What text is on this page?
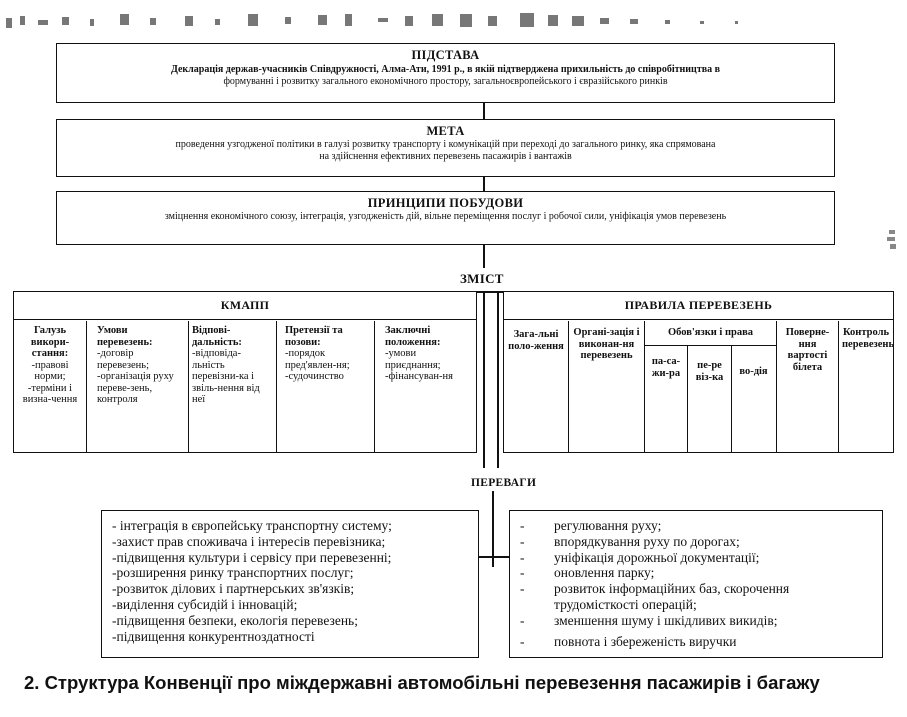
ПІДСТАВА
Декларація держав-учасників Співдружності, Алма-Ати, 1991 р., в якій підтверджена прихильність до співробітництва в
формуванні і розвитку загального економічного простору, загальноєвропейського і євразійського ринків
МЕТА
проведення узгодженої політики в галузі розвитку транспорту і комунікацій при переході до загального ринку, яка спрямована
на здійснення ефективних перевезень пасажирів і вантажів
ПРИНЦИПИ ПОБУДОВИ
зміцнення економічного союзу, інтеграція, узгодженість дій, вільне переміщення послуг і робочої сили, уніфікація умов перевезень
ЗМІСТ
КМАПП
Галузь викори-стання:
-правові норми; -терміни і визна-чення
Умови перевезень:
-договір перевезень; -організація руху переве-зень, контроля
Відпові-дальність:
-відповіда-льність перевізни-ка і звіль-нення від неї
Претензії та позови:
-порядок пред'явлен-ня; -судочинство
Заключні положення:
-умови приєднання; -фінансуван-ня
ПРАВИЛА ПЕРЕВЕЗЕНЬ
Зага-льні поло-ження
Органі-зація і виконан-ня перевезень
Обов'язки і права
па-са-жи-ра
пе-ре віз-ка	во-дія
Поверне-ння вартості білета
Контроль перевезень
ПЕРЕВАГИ
- інтеграція в європейську транспортну систему;
-захист прав споживача і інтересів перевізника;
-підвищення культури і сервісу при перевезенні;
-розширення ринку транспортних послуг;
-розвиток ділових і партнерських зв'язків;
-виділення субсидій і інновацій;
-підвищення безпеки, екологія перевезень;
-підвищення конкурентноздатності
-	регулювання руху;
-	впорядкування руху по дорогах;
-	уніфікація дорожньої документації;
-	оновлення парку;
-	розвиток інформаційних баз, скорочення трудомісткості операцій;
-	зменшення шуму і шкідливих викидів;
-	повнота і збереженість виручки
2. Структура Конвенції про міждержавні автомобільні перевезення пасажирів і багажу
